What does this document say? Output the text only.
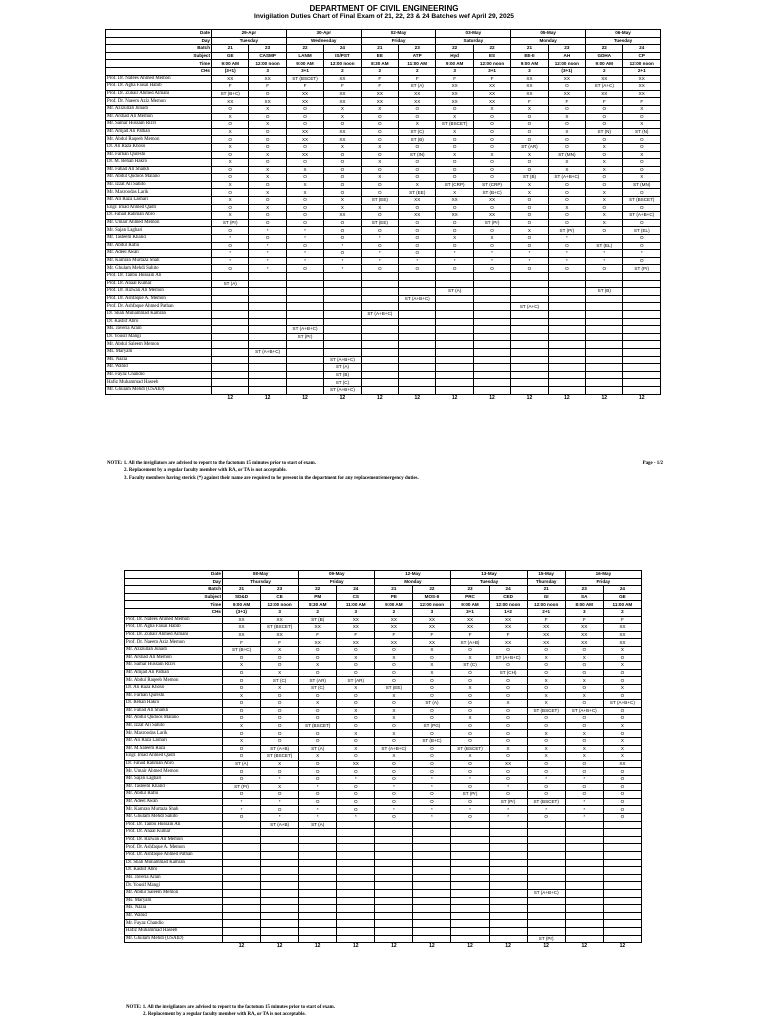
DEPARTMENT OF CIVIL ENGINEERING
Invigilation Duties Chart of Final Exam of 21, 22, 23 & 24 Batches wef April 29, 2025
Date	29-Apr		30-Apr		02-May		03-May		05-May		06-May	
Day	Tuesday		Wednesday		Friday		Saturday		Monday		Tuesday	
Batch	21	23	22	24	21	23	22	22	21	23	22	24
Subject	GE	CASMP	LANM	IS/PST	EE	ATP	Hyd	ES	EE-II	AH	GDHA	CP
Time	9:00 AM	12:00 noon	9:00 AM	12:00 noon	8:30 AM	11:00 AM	9:00 AM	12:00 noon	9:00 AM	12:00 noon	9:00 AM	12:00 noon
CHs	(3+1)	3	3+1	2	2	2	3	3+1	3	(3+1)	2	2+1
Prof. Dr. Nafees Ahmed Memon	XX	XX	ST (BSCET)	XX	F	F	F	F	XX	XX	XX	XX
Prof. Dr. Agha Faisal Habib	F	F	F	F	F	ST (A)	XX	XX	XX	O	ST (A+C)	XX
Prof. Dr. Zubair Ahmed Almani	ST (B+C)	O	XX	XX	XX	XX	XX	XX	XX	XX	XX	XX
Prof. Dr. Naeem Aziz Memon	XX	XX	XX	XX	XX	XX	XX	XX	F	F	F	F
Mr. Azizullah Junadi	O	X	O	X	X	O	O	X	X	O	O	X
Mr. Arshad Ali Memon	X	O	O	X	O	O	X	O	O	X	O	O
Mr. Samar Hussain Rizvi	O	X	O	O	O	X	ST (BSCET)	O	O	O	O	X
Mr. Amjad Ali Pathan	X	O	XX	XX	O	ST (C)	X	O	O	X	ST (N)	ST (N)
Mr. Abdul Raqeeb Memon	O	O	XX	XX	O	ST (B)	O	O	O	O	O	O
Dr. Ali Raza Khoso	X	O	O	X	X	O	O	O	ST (AR)	O	X	O
Mr. Farhan Qureshi	O	X	XX	O	O	ST (IN)	X	X	X	ST (MN)	O	X
Dr. M. Rehan Hakro	X	O	O	O	X	O	O	O	O	X	X	O
Mr. Fahad Ali Shaikh	O	X	X	O	O	O	O	O	O	X	X	O
Mr. Abdul Qudoos Malano	O	X	O	O	X	O	O	O	ST (B)	ST (A+B+C)	O	X
Mr. Izzat Ali Sahito	X	O	X	O	O	X	ST (CRP)	ST (CRP)	X	O	O	ST (MN)
Mr. Masroodas Larik	O	X	X	O	O	ST (EE)	X	ST (B+C)	X	O	X	O
Mr. Ali Raza Lashari	X	O	O	X	ST (EE)	XX	XX	XX	O	O	X	ST (BSCET)
Engr. Imad Ahmed Qadri	O	X	O	X	X	O	O	O	O	X	O	O
Dr. Fahad Rahman Abro	X	O	O	XX	O	XX	XX	XX	O	O	X	ST (A+B+C)
Mr. Umair Ahmed Memon	ST (Pr)	O	O	O	ST (EE)	O	O	ST (Pr)	O	O	X	O
Mr. Sajan Laghari	O	*	*	O	O	O	O	O	X	ST (Pr)	O	ST (EL)
Mr. Tasleem Khalid	*	O	*	O	*	O	X	X	O	*		O
Mr. Abdul Rafiu	O	*	O	*	O	O	O	O	O	O	ST (EL)	O
Mr. Adeel Awan	*	*	*	O	*	O	*	*	*	*	*	*
Mr. Kamran Murtaza Shah	*	*	*	*	*	*	*	*	*	*	*	O
Mr. Ghulam Mehdi Sahito	O	*	O	*	O	O	O	O	O	O	O	ST (Pr)
Prof. Dr. Tanbu Hussain Ali												
Prof. Dr. Anaal Kumar	ST (A)											
Prof. Dr. Rizwan Ali Memon							ST (A)				ST (B)	
Prof. Dr. Ashfaque A. Memon						ST (A+B+C)						
Prof. Dr. Ashfaque Ahmed Pathan									ST (A+C)			
Dr. Shah Muhammad Kamran					ST (A+B+C)							
Dr. Kashif Abro												
Ms. Javeria Arain			ST (A+B+C)									
Dr. Yousif Mangi			ST (Pr)									
Mr. Abdul Saleem Memon												
Ms. Maryam		ST (A+B+C)										
Ms. Nazia				ST (A+B+C)								
Mr. Wahid				ST (A)								
Mr. Fayaz Chandio				ST (B)								
Hafiz Muhammad Haseeb				ST (C)								
Mr. Ghulam Mehdi (USAID)				ST (A+B+C)								
	12	12	12	12	12	12	12	12	12	12	12	12

NOTE: 1. All the invigilators are advised to report to the factotum 15 minutes prior to start of exam.

2. Replacement by a regular faculty member with RA, or TA is not acceptable.

3. Faculty members having sterick (*) against their name are required to be present in the department for any replacement/emergency duties.

Page - 1/2
Date	08-May		09-May		12-May		13-May		15-May	16-May	
Day	Thursday		Friday		Monday		Tuesday		Thursday	Friday	
Batch	21	23	22	24	21	22	23	24	21	23	24
Subject	SD&D	CE	PM	CS	PE	MOS-II	PRC	CED	GI	SA	GE
Time	9:00 AM	12:00 noon	8:30 AM	11:00 AM	9:00 AM	12:00 noon	9:00 AM	12:00 noon	12:00 noon	8:00 AM	11:00 AM
CHs	(3+1)	3	2	3	2	3	3+1	1+2	2+1	3	2
Prof. Dr. Nafees Ahmed Memon	XX	XX	ST (B)	XX	XX	XX	XX	XX	F	F	F
Prof. Dr. Agha Faisal Habib	XX	ST (BSCET)	XX	XX	XX	XX	XX	XX	XX	XX	XX
Prof. Dr. Zubair Ahmed Almani	XX	XX	F	F	F	F	F	F	XX	XX	XX
Prof. Dr. Naeem Aziz Memon	F	F	XX	XX	XX	XX	ST (A+B)	XX	XX	XX	XX
Mr. Azizullah Junadi	ST (B+C)	X	O	O	O	X	O	O	O	O	X
Mr. Arshad Ali Memon	O	O	O	X	X	O	X	ST (A+B+C)	X	X	O
Mr. Samar Hussain Rizvi	X	O	X	O	O	X	ST (C)	O	O	O	X
Mr. Amjad Ali Pathan	O	X	O	O	O	X	O	ST (CH)	O	O	O
Mr. Abdul Raqeeb Memon	O	ST (C)	ST (AR)	ST (AR)	O	O	O	O	X	X	O
Dr. Ali Raza Khoso	O	X	ST (C)	X	ST (EE)	O	X	O	O	O	X
Mr. Farhan Qureshi	X	O	O	O	X	O	O	O	X	X	O
Dr. Rehan Hakro	O	O	X	O	O	ST (A)	O	X	X	O	ST (A+B+C)
Mr. Fahad Ali Shaikh	O	O	O	X	X	O	O	O	ST (BSCET)	ST (A+B+C)	O
Mr. Abdul Qudoos Malano	O	O	O	O	X	O	X	O	O	O	O
Mr. Izzat Ali Sahito	X	O	ST (BSCET)	O	O	ST (PG)	O	O	O	O	X
Mr. Masroodas Larik	O	O	O	X	X	O	O	O	X	X	O
Mr. Ali Raza Lashari	X	O	O	O	O	ST (B+C)	O	O	O	O	X
Mr. M.Saleem Raza	O	ST (A+B)	ST (A)	X	ST (A+B+C)	O	ST (BSCET)	X	X	X	X
Engr. Imad Ahmed Qadri	O	ST (BSCET)	X	O	X	O	X	O	X	X	X
Dr. Fahad Rahman Abro	ST (A)	X	O	XX	O	O	O	XX	O	O	XX
Mr. Umair Ahmed Memon	O	O	O	O	O	O	O	O	O	O	O
Mr. Sajan Laghari	O	*	O	*	O	*	*	O	*	*	O
Mr. Tasleem Khalid	ST (Pr)	X	*	O	*	*	O	*	O	O	O
Mr. Abdul Rafiu	O	O	O	O	O	O	ST (Pr)	O	O	O	O
Mr. Adeel Awan	*	*	O	O	O	O	O	ST (Pr)	ST (BSCET)	*	O
Mr. Kamran Murtaza Shah	*	O	*	O	*	*	*	*	*	*	O
Mr. Ghulam Mehdi Sahito	O	*	*	*	O	*	O	*	O	*	O
Prof. Dr. Tanbu Hussain Ali		ST (A+B)	ST (A)								
Prof. Dr. Anaal Kumar											
Prof. Dr. Rizwan Ali Memon											
Prof. Dr. Ashfaque A. Memon											
Prof. Dr. Ashfaque Ahmed Pathan											
Dr. Shah Muhammad Kamran											
Dr. Kashif Abro											
Ms. Javeria Arain											
Dr. Yousif Mangi											
Mr. Abdul Saleem Memon									ST (A+B+C)		
Ms. Maryam											
Ms. Nazia											
Mr. Wahid											
Mr. Fayaz Chandio											
Hafiz Muhammad Haseeb											
Mr. Ghulam Mehdi (USAID)									ST (Pr)		
	12	12	12	12	12	12	12	12	12	12	12

NOTE: 1. All the invigilators are advised to report to the factotum 15 minutes prior to start of exam.

2. Replacement by a regular faculty member with RA, or TA is not acceptable.
